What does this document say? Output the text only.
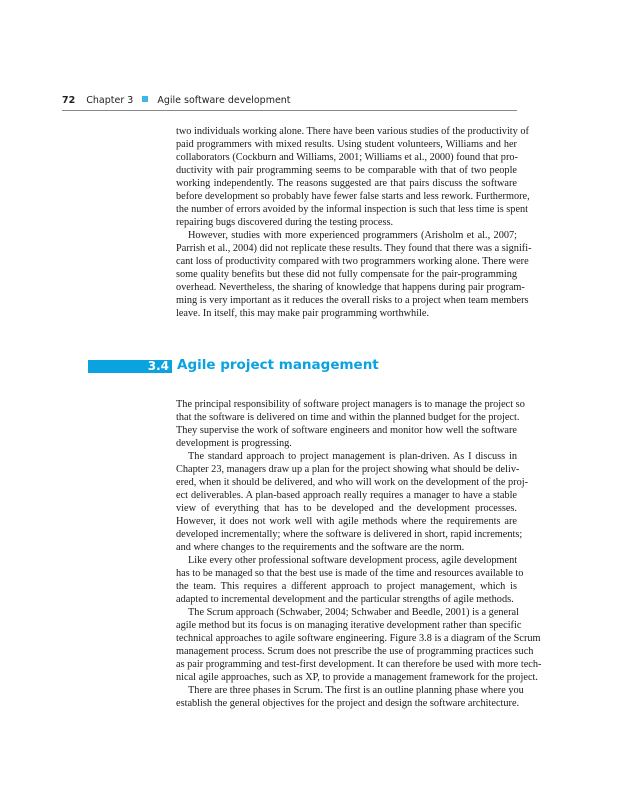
72 Chapter 3	Agile software development
two individuals working alone. There have been various studies of the productivity of
paid programmers with mixed results. Using student volunteers, Williams and her
collaborators (Cockburn and Williams, 2001; Williams et al., 2000) found that pro-
ductivity with pair programming seems to be comparable with that of two people
working independently. The reasons suggested are that pairs discuss the software
before development so probably have fewer false starts and less rework. Furthermore,
the number of errors avoided by the informal inspection is such that less time is spent
repairing bugs discovered during the testing process.
However, studies with more experienced programmers (Arisholm et al., 2007;
Parrish et al., 2004) did not replicate these results. They found that there was a signifi-
cant loss of productivity compared with two programmers working alone. There were
some quality benefits but these did not fully compensate for the pair-programming
overhead. Nevertheless, the sharing of knowledge that happens during pair program-
ming is very important as it reduces the overall risks to a project when team members
leave. In itself, this may make pair programming worthwhile.
3.4 Agile project management
The principal responsibility of software project managers is to manage the project so
that the software is delivered on time and within the planned budget for the project.
They supervise the work of software engineers and monitor how well the software
development is progressing.
The standard approach to project management is plan-driven. As I discuss in
Chapter 23, managers draw up a plan for the project showing what should be deliv-
ered, when it should be delivered, and who will work on the development of the proj-
ect deliverables. A plan-based approach really requires a manager to have a stable
view of everything that has to be developed and the development processes.
However, it does not work well with agile methods where the requirements are
developed incrementally; where the software is delivered in short, rapid increments;
and where changes to the requirements and the software are the norm.
Like every other professional software development process, agile development
has to be managed so that the best use is made of the time and resources available to
the team. This requires a different approach to project management, which is
adapted to incremental development and the particular strengths of agile methods.
The Scrum approach (Schwaber, 2004; Schwaber and Beedle, 2001) is a general
agile method but its focus is on managing iterative development rather than specific
technical approaches to agile software engineering. Figure 3.8 is a diagram of the Scrum
management process. Scrum does not prescribe the use of programming practices such
as pair programming and test-first development. It can therefore be used with more tech-
nical agile approaches, such as XP, to provide a management framework for the project.
There are three phases in Scrum. The first is an outline planning phase where you
establish the general objectives for the project and design the software architecture.
